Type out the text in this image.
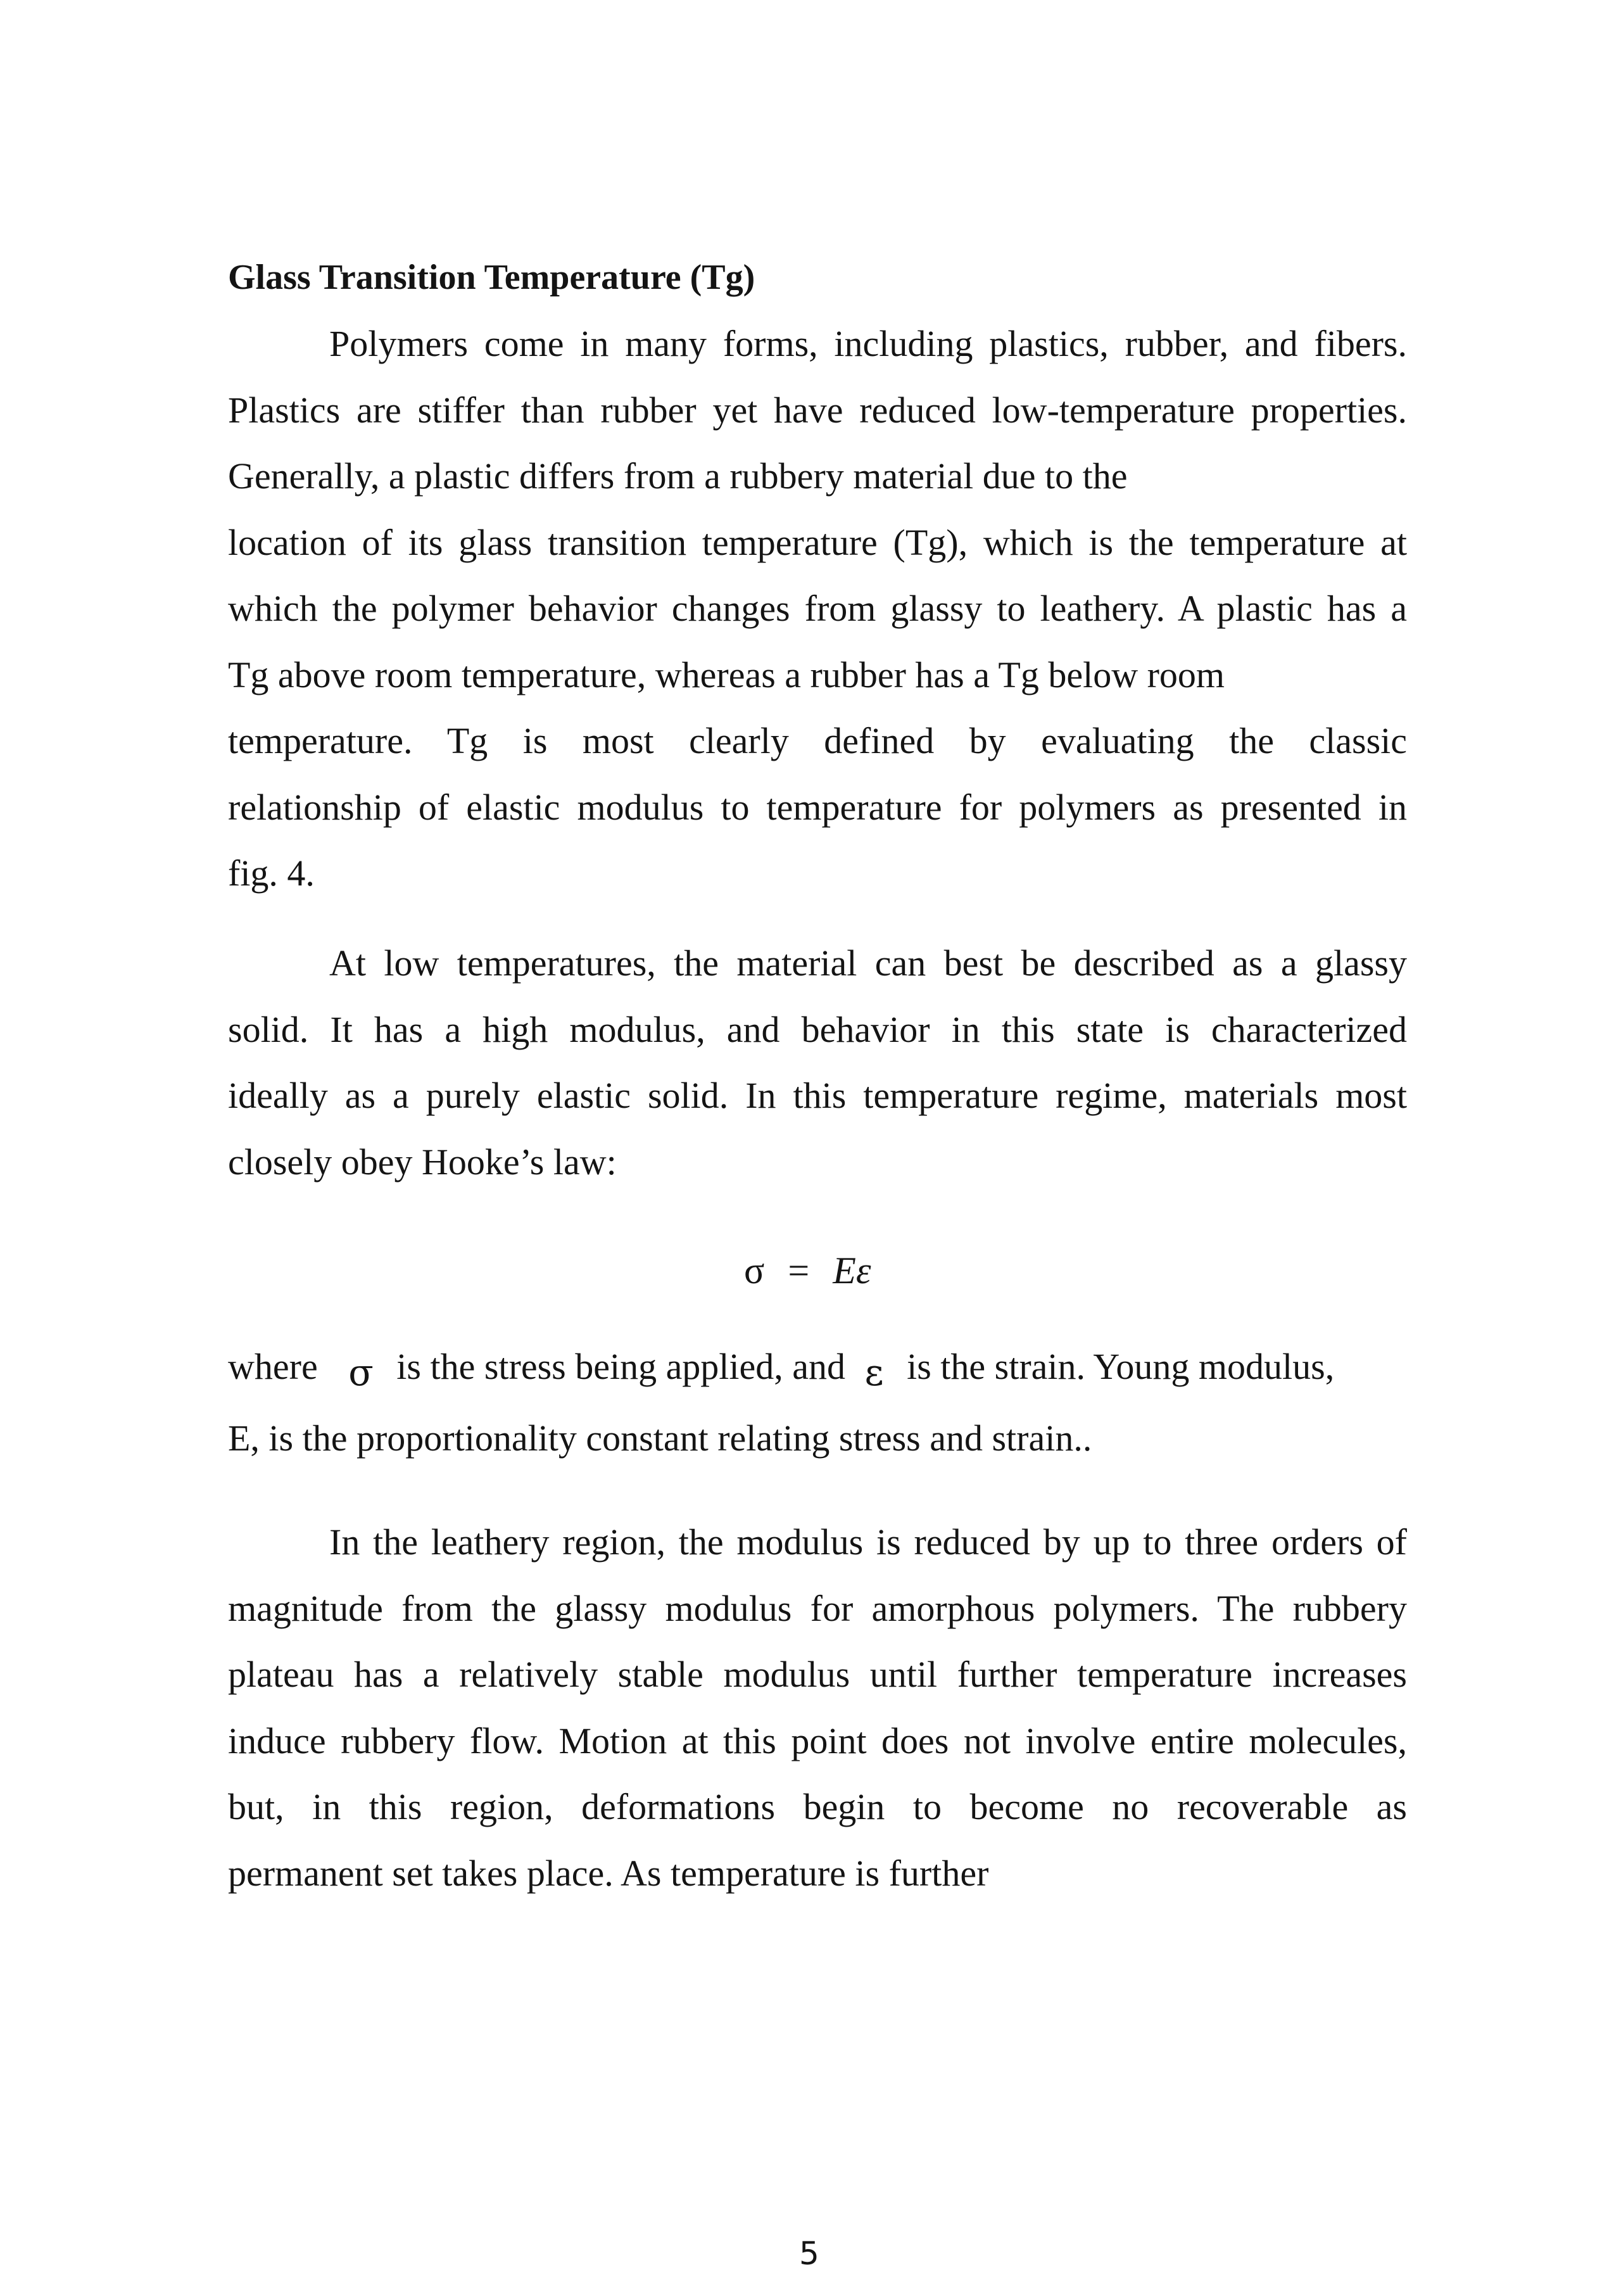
Glass Transition Temperature (Tg)
Polymers come in many forms, including plastics, rubber, and fibers.
Plastics are stiffer than rubber yet have reduced low-temperature properties.
Generally, a plastic differs from a rubbery material due to the
location of its glass transition temperature (Tg), which is the temperature at
which the polymer behavior changes from glassy to leathery. A plastic has a
Tg above room temperature, whereas a rubber has a Tg below room
temperature. Tg is most clearly defined by evaluating the classic
relationship of elastic modulus to temperature for polymers as presented in
fig. 4.
At low temperatures, the material can best be described as a glassy
solid. It has a high modulus, and behavior in this state is characterized
ideally as a purely elastic solid. In this temperature regime, materials most
closely obey Hooke’s law:
σ = Eε
where σ is the stress being applied, and ε is the strain. Young modulus,
E, is the proportionality constant relating stress and strain..
In the leathery region, the modulus is reduced by up to three orders of
magnitude from the glassy modulus for amorphous polymers. The rubbery
plateau has a relatively stable modulus until further temperature increases
induce rubbery flow. Motion at this point does not involve entire molecules,
but, in this region, deformations begin to become no recoverable as
permanent set takes place. As temperature is further
5
